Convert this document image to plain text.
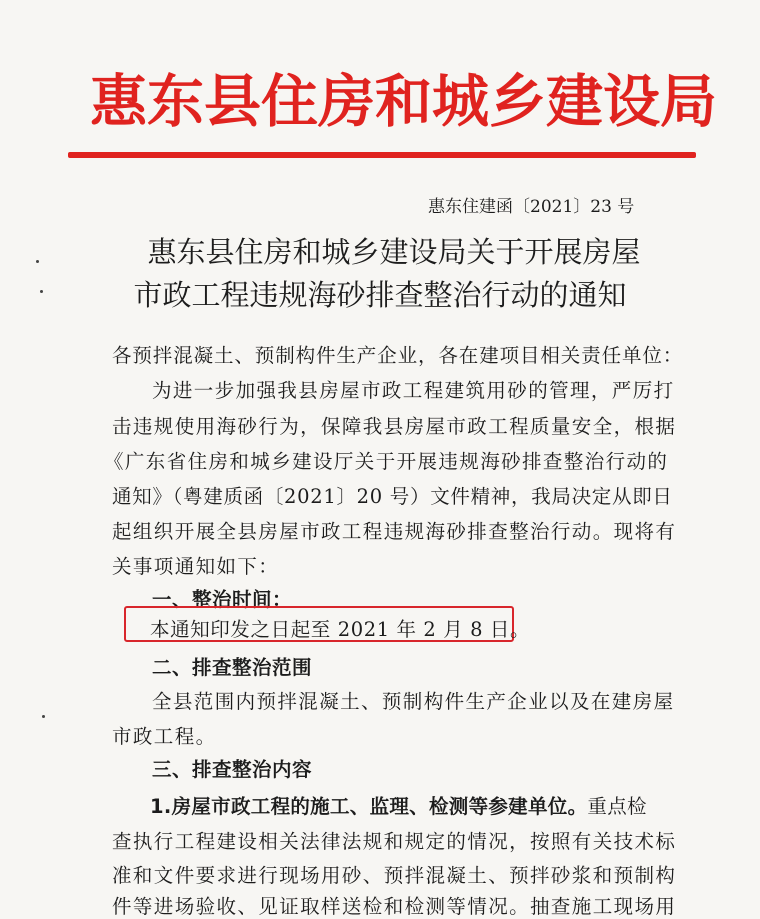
惠东县住房和城乡建设局
惠东住建函〔2021〕23 号
惠东县住房和城乡建设局关于开展房屋
市政工程违规海砂排查整治行动的通知
各预拌混凝土、预制构件生产企业，各在建项目相关责任单位：
为进一步加强我县房屋市政工程建筑用砂的管理，严厉打
击违规使用海砂行为，保障我县房屋市政工程质量安全，根据
《广东省住房和城乡建设厅关于开展违规海砂排查整治行动的
通知》（粤建质函〔2021〕20 号）文件精神，我局决定从即日
起组织开展全县房屋市政工程违规海砂排查整治行动。现将有
关事项通知如下：
一、整治时间：
本通知印发之日起至 2021 年 2 月 8 日。
二、排查整治范围
全县范围内预拌混凝土、预制构件生产企业以及在建房屋
市政工程。
三、排查整治内容
1.房屋市政工程的施工、监理、检测等参建单位。重点检
查执行工程建设相关法律法规和规定的情况，按照有关技术标
准和文件要求进行现场用砂、预拌混凝土、预拌砂浆和预制构
件等进场验收、见证取样送检和检测等情况。抽查施工现场用
